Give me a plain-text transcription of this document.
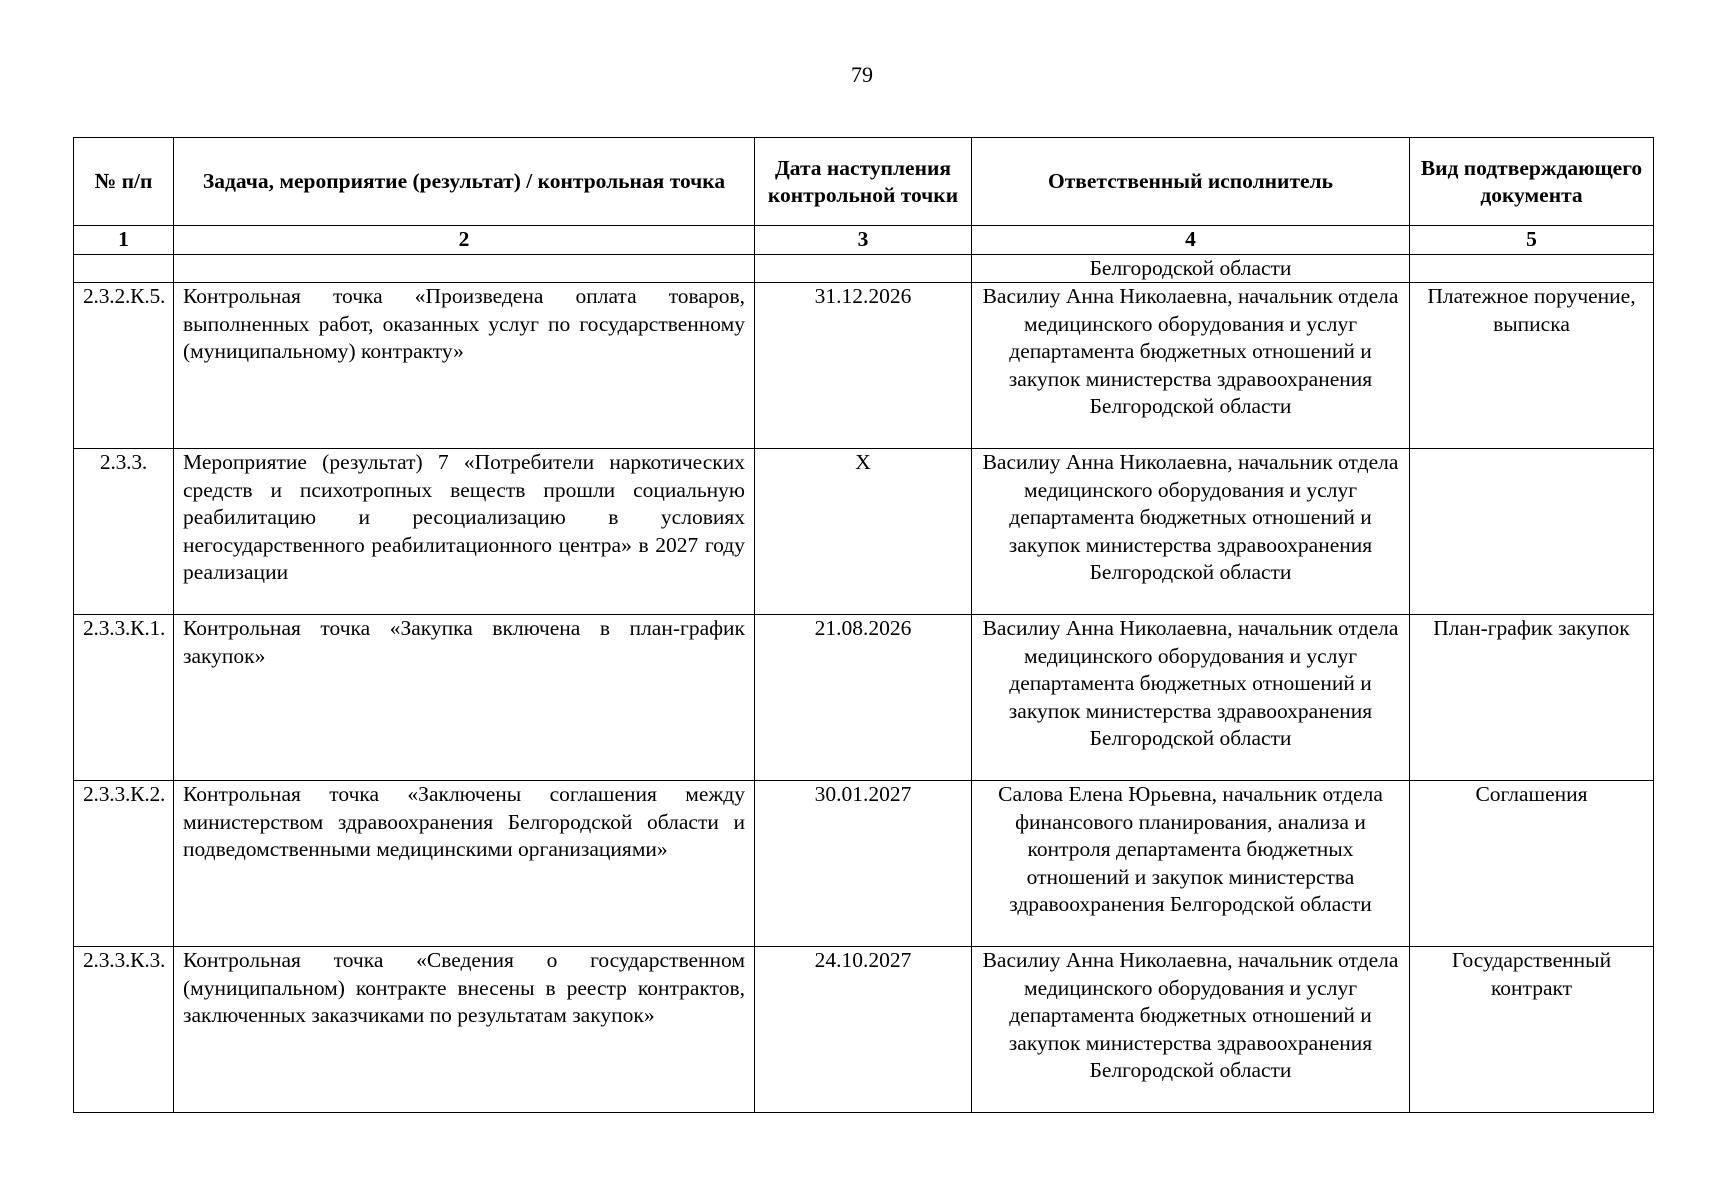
79
№ п/п	Задача, мероприятие (результат) / контрольная точка	Дата наступления контрольной точки	Ответственный исполнитель	Вид подтверждающего документа
1	2	3	4	5
			Белгородской области	
2.3.2.К.5.	Контрольная точка «Произведена оплата товаров, выполненных работ, оказанных услуг по государственному (муниципальному) контракту»	31.12.2026	Василиу Анна Николаевна, начальник отдела медицинского оборудования и услуг департамента бюджетных отношений и закупок министерства здравоохранения Белгородской области	Платежное поручение, выписка
2.3.3.	Мероприятие (результат) 7 «Потребители наркотических средств и психотропных веществ прошли социальную реабилитацию и ресоциализацию в условиях негосударственного реабилитационного центра» в 2027 году реализации	Х	Василиу Анна Николаевна, начальник отдела медицинского оборудования и услуг департамента бюджетных отношений и закупок министерства здравоохранения Белгородской области	
2.3.3.К.1.	Контрольная точка «Закупка включена в план-график закупок»	21.08.2026	Василиу Анна Николаевна, начальник отдела медицинского оборудования и услуг департамента бюджетных отношений и закупок министерства здравоохранения Белгородской области	План-график закупок
2.3.3.К.2.	Контрольная точка «Заключены соглашения между министерством здравоохранения Белгородской области и подведомственными медицинскими организациями»	30.01.2027	Салова Елена Юрьевна, начальник отдела финансового планирования, анализа и контроля департамента бюджетных отношений и закупок министерства здравоохранения Белгородской области	Соглашения
2.3.3.К.3.	Контрольная точка «Сведения о государственном (муниципальном) контракте внесены в реестр контрактов, заключенных заказчиками по результатам закупок»	24.10.2027	Василиу Анна Николаевна, начальник отдела медицинского оборудования и услуг департамента бюджетных отношений и закупок министерства здравоохранения Белгородской области	Государственный контракт
